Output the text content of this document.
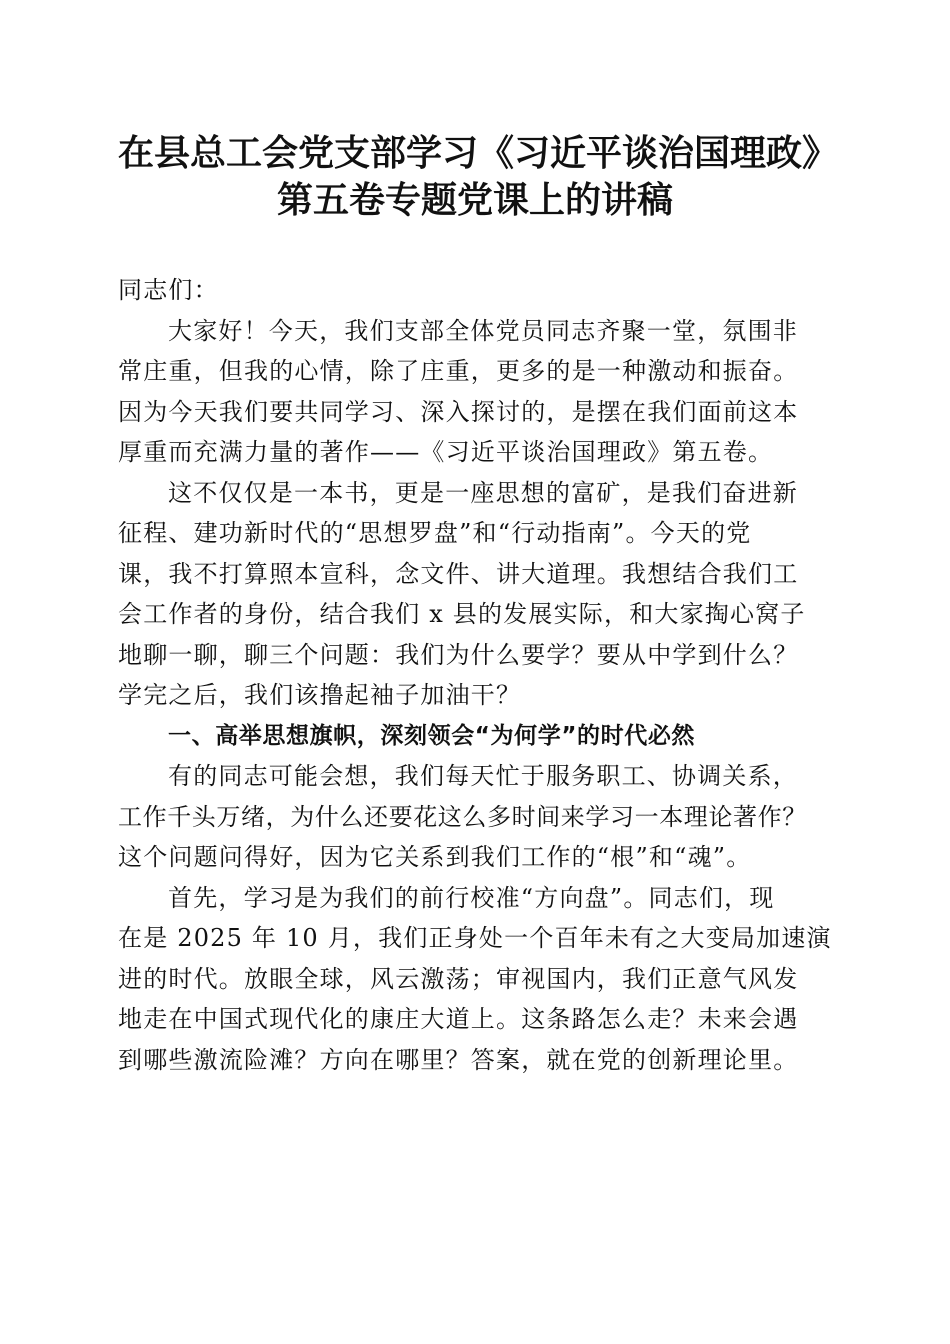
在县总工会党支部学习《习近平谈治国理政》
第五卷专题党课上的讲稿

同志们：

大家好！今天，我们支部全体党员同志齐聚一堂，氛围非
常庄重，但我的心情，除了庄重，更多的是一种激动和振奋。
因为今天我们要共同学习、深入探讨的，是摆在我们面前这本
厚重而充满力量的著作——《习近平谈治国理政》第五卷。

这不仅仅是一本书，更是一座思想的富矿，是我们奋进新
征程、建功新时代的“思想罗盘”和“行动指南”。今天的党
课，我不打算照本宣科，念文件、讲大道理。我想结合我们工
会工作者的身份，结合我们 x 县的发展实际，和大家掏心窝子
地聊一聊，聊三个问题：我们为什么要学？要从中学到什么？
学完之后，我们该撸起袖子加油干？

一、高举思想旗帜，深刻领会“为何学”的时代必然

有的同志可能会想，我们每天忙于服务职工、协调关系，
工作千头万绪，为什么还要花这么多时间来学习一本理论著作？
这个问题问得好，因为它关系到我们工作的“根”和“魂”。

首先，学习是为我们的前行校准“方向盘”。同志们，现
在是 2025 年 10 月，我们正身处一个百年未有之大变局加速演
进的时代。放眼全球，风云激荡；审视国内，我们正意气风发
地走在中国式现代化的康庄大道上。这条路怎么走？未来会遇
到哪些激流险滩？方向在哪里？答案，就在党的创新理论里。
